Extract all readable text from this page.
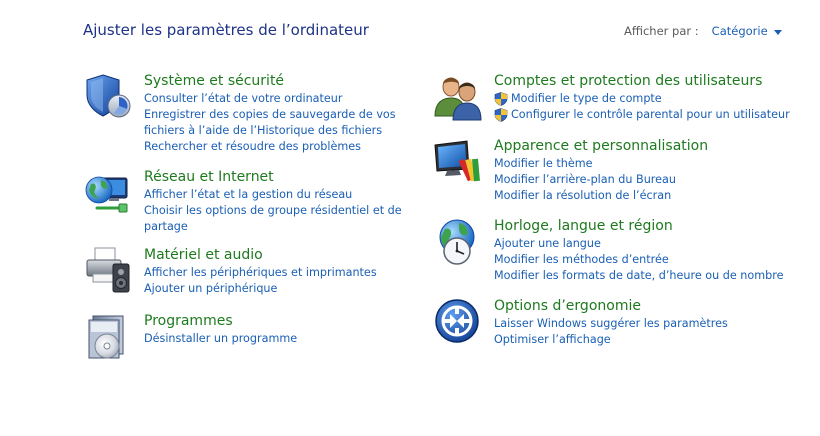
Ajuster les paramètres de l’ordinateur	Afficher par : Catégorie
Système et sécurité
Consulter l’état de votre ordinateur
Enregistrer des copies de sauvegarde de vos fichiers à l’aide de l’Historique des fichiers
Rechercher et résoudre des problèmes
Réseau et Internet
Afficher l’état et la gestion du réseau
Choisir les options de groupe résidentiel et de partage
Matériel et audio
Afficher les périphériques et imprimantes
Ajouter un périphérique
Programmes
Désinstaller un programme
Comptes et protection des utilisateurs
Modifier le type de compte
Configurer le contrôle parental pour un utilisateur
Apparence et personnalisation
Modifier le thème
Modifier l’arrière-plan du Bureau
Modifier la résolution de l’écran
Horloge, langue et région
Ajouter une langue
Modifier les méthodes d’entrée
Modifier les formats de date, d’heure ou de nombre
Options d’ergonomie
Laisser Windows suggérer les paramètres
Optimiser l’affichage
